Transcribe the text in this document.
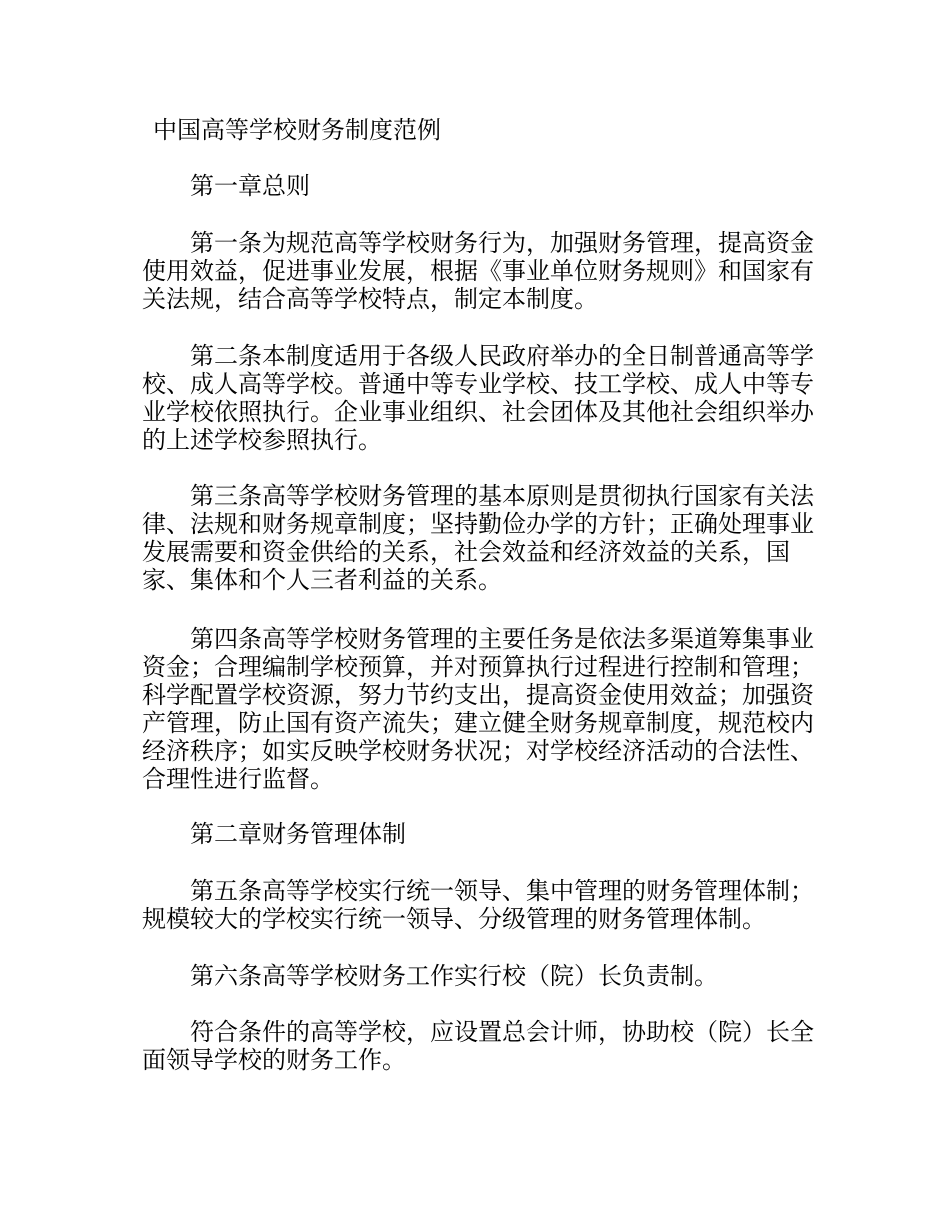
中国高等学校财务制度范例

第一章总则

第一条为规范高等学校财务行为，加强财务管理，提高资金使用效益，促进事业发展，根据《事业单位财务规则》和国家有关法规，结合高等学校特点，制定本制度。

第二条本制度适用于各级人民政府举办的全日制普通高等学校、成人高等学校。普通中等专业学校、技工学校、成人中等专业学校依照执行。企业事业组织、社会团体及其他社会组织举办的上述学校参照执行。

第三条高等学校财务管理的基本原则是贯彻执行国家有关法律、法规和财务规章制度；坚持勤俭办学的方针；正确处理事业发展需要和资金供给的关系，社会效益和经济效益的关系，国家、集体和个人三者利益的关系。

第四条高等学校财务管理的主要任务是依法多渠道筹集事业资金；合理编制学校预算，并对预算执行过程进行控制和管理；科学配置学校资源，努力节约支出，提高资金使用效益；加强资产管理，防止国有资产流失；建立健全财务规章制度，规范校内经济秩序；如实反映学校财务状况；对学校经济活动的合法性、合理性进行监督。

第二章财务管理体制

第五条高等学校实行统一领导、集中管理的财务管理体制；规模较大的学校实行统一领导、分级管理的财务管理体制。

第六条高等学校财务工作实行校（院）长负责制。

符合条件的高等学校，应设置总会计师，协助校（院）长全面领导学校的财务工作。
